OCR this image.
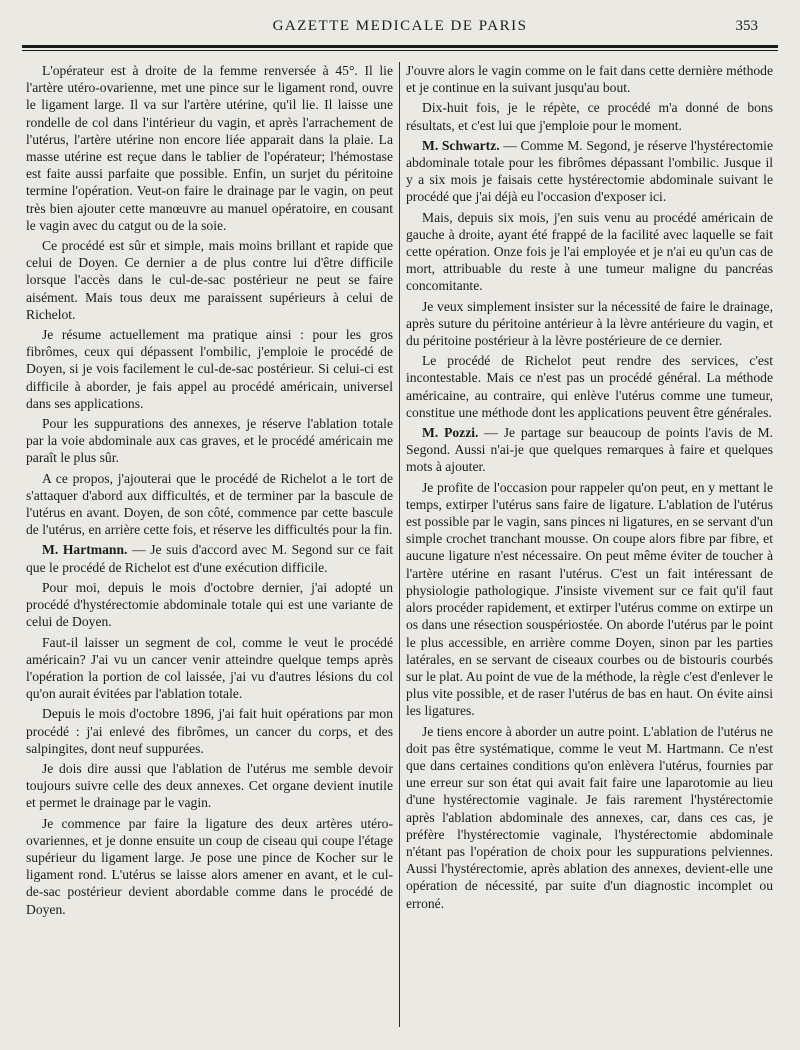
GAZETTE MEDICALE DE PARIS	353

L'opérateur est à droite de la femme renversée à 45°. Il lie l'artère utéro-ovarienne, met une pince sur le ligament rond, ouvre le ligament large. Il va sur l'artère utérine, qu'il lie. Il laisse une rondelle de col dans l'intérieur du vagin, et après l'arrachement de l'utérus, l'artère utérine non encore liée apparait dans la plaie. La masse utérine est reçue dans le tablier de l'opérateur; l'hémostase est faite aussi parfaite que possible. Enfin, un surjet du péritoine termine l'opération. Veut-on faire le drainage par le vagin, on peut très bien ajouter cette manœuvre au manuel opératoire, en cousant le vagin avec du catgut ou de la soie.

Ce procédé est sûr et simple, mais moins brillant et rapide que celui de Doyen. Ce dernier a de plus contre lui d'être difficile lorsque l'accès dans le cul-de-sac postérieur ne peut se faire aisément. Mais tous deux me paraissent supérieurs à celui de Richelot.

Je résume actuellement ma pratique ainsi : pour les gros fibrômes, ceux qui dépassent l'ombilic, j'emploie le procédé de Doyen, si je vois facilement le cul-de-sac postérieur. Si celui-ci est difficile à aborder, je fais appel au procédé américain, universel dans ses applications.

Pour les suppurations des annexes, je réserve l'ablation totale par la voie abdominale aux cas graves, et le procédé américain me paraît le plus sûr.

A ce propos, j'ajouterai que le procédé de Richelot a le tort de s'attaquer d'abord aux difficultés, et de terminer par la bascule de l'utérus en avant. Doyen, de son côté, commence par cette bascule de l'utérus, en arrière cette fois, et réserve les difficultés pour la fin.

M. Hartmann. — Je suis d'accord avec M. Segond sur ce fait que le procédé de Richelot est d'une exécution difficile.

Pour moi, depuis le mois d'octobre dernier, j'ai adopté un procédé d'hystérectomie abdominale totale qui est une variante de celui de Doyen.

Faut-il laisser un segment de col, comme le veut le procédé américain? J'ai vu un cancer venir atteindre quelque temps après l'opération la portion de col laissée, j'ai vu d'autres lésions du col qu'on aurait évitées par l'ablation totale.

Depuis le mois d'octobre 1896, j'ai fait huit opérations par mon procédé : j'ai enlevé des fibrômes, un cancer du corps, et des salpingites, dont neuf suppurées.

Je dois dire aussi que l'ablation de l'utérus me semble devoir toujours suivre celle des deux annexes. Cet organe devient inutile et permet le drainage par le vagin.

Je commence par faire la ligature des deux artères utéro-ovariennes, et je donne ensuite un coup de ciseau qui coupe l'étage supérieur du ligament large. Je pose une pince de Kocher sur le ligament rond. L'utérus se laisse alors amener en avant, et le cul-de-sac postérieur devient abordable comme dans le procédé de Doyen.

J'ouvre alors le vagin comme on le fait dans cette dernière méthode et je continue en la suivant jusqu'au bout.

Dix-huit fois, je le répète, ce procédé m'a donné de bons résultats, et c'est lui que j'emploie pour le moment.

M. Schwartz. — Comme M. Segond, je réserve l'hystérectomie abdominale totale pour les fibrômes dépassant l'ombilic. Jusque il y a six mois je faisais cette hystérectomie abdominale suivant le procédé que j'ai déjà eu l'occasion d'exposer ici.

Mais, depuis six mois, j'en suis venu au procédé américain de gauche à droite, ayant été frappé de la facilité avec laquelle se fait cette opération. Onze fois je l'ai employée et je n'ai eu qu'un cas de mort, attribuable du reste à une tumeur maligne du pancréas concomitante.

Je veux simplement insister sur la nécessité de faire le drainage, après suture du péritoine antérieur à la lèvre antérieure du vagin, et du péritoine postérieur à la lèvre postérieure de ce dernier.

Le procédé de Richelot peut rendre des services, c'est incontestable. Mais ce n'est pas un procédé général. La méthode américaine, au contraire, qui enlève l'utérus comme une tumeur, constitue une méthode dont les applications peuvent être générales.

M. Pozzi. — Je partage sur beaucoup de points l'avis de M. Segond. Aussi n'ai-je que quelques remarques à faire et quelques mots à ajouter.

Je profite de l'occasion pour rappeler qu'on peut, en y mettant le temps, extirper l'utérus sans faire de ligature. L'ablation de l'utérus est possible par le vagin, sans pinces ni ligatures, en se servant d'un simple crochet tranchant mousse. On coupe alors fibre par fibre, et aucune ligature n'est nécessaire. On peut même éviter de toucher à l'artère utérine en rasant l'utérus. C'est un fait intéressant de physiologie pathologique. J'insiste vivement sur ce fait qu'il faut alors procéder rapidement, et extirper l'utérus comme on extirpe un os dans une résection souspériostée. On aborde l'utérus par le point le plus accessible, en arrière comme Doyen, sinon par les parties latérales, en se servant de ciseaux courbes ou de bistouris courbés sur le plat. Au point de vue de la méthode, la règle c'est d'enlever le plus vite possible, et de raser l'utérus de bas en haut. On évite ainsi les ligatures.

Je tiens encore à aborder un autre point. L'ablation de l'utérus ne doit pas être systématique, comme le veut M. Hartmann. Ce n'est que dans certaines conditions qu'on enlèvera l'utérus, fournies par une erreur sur son état qui avait fait faire une laparotomie au lieu d'une hystérectomie vaginale. Je fais rarement l'hystérectomie après l'ablation abdominale des annexes, car, dans ces cas, je préfère l'hystérectomie vaginale, l'hystérectomie abdominale n'étant pas l'opération de choix pour les suppurations pelviennes. Aussi l'hystérectomie, après ablation des annexes, devient-elle une opération de nécessité, par suite d'un diagnostic incomplet ou erroné.
